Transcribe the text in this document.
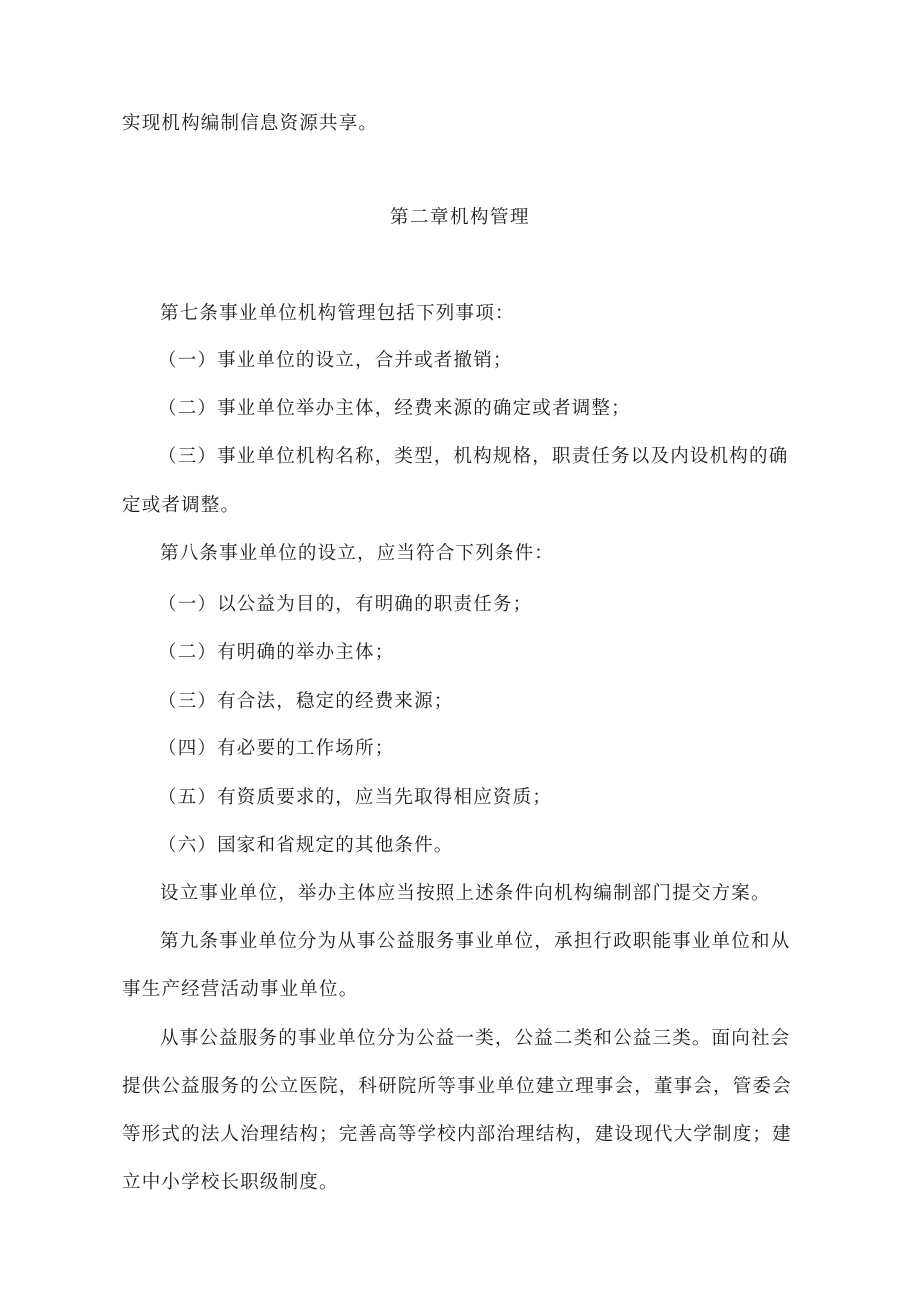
实现机构编制信息资源共享。
第二章机构管理
第七条事业单位机构管理包括下列事项：
（一）事业单位的设立，合并或者撤销；
（二）事业单位举办主体，经费来源的确定或者调整；
（三）事业单位机构名称，类型，机构规格，职责任务以及内设机构的确
定或者调整。
第八条事业单位的设立，应当符合下列条件：
（一）以公益为目的，有明确的职责任务；
（二）有明确的举办主体；
（三）有合法，稳定的经费来源；
（四）有必要的工作场所；
（五）有资质要求的，应当先取得相应资质；
（六）国家和省规定的其他条件。
设立事业单位，举办主体应当按照上述条件向机构编制部门提交方案。
第九条事业单位分为从事公益服务事业单位，承担行政职能事业单位和从
事生产经营活动事业单位。
从事公益服务的事业单位分为公益一类，公益二类和公益三类。面向社会
提供公益服务的公立医院，科研院所等事业单位建立理事会，董事会，管委会
等形式的法人治理结构；完善高等学校内部治理结构，建设现代大学制度；建
立中小学校长职级制度。
